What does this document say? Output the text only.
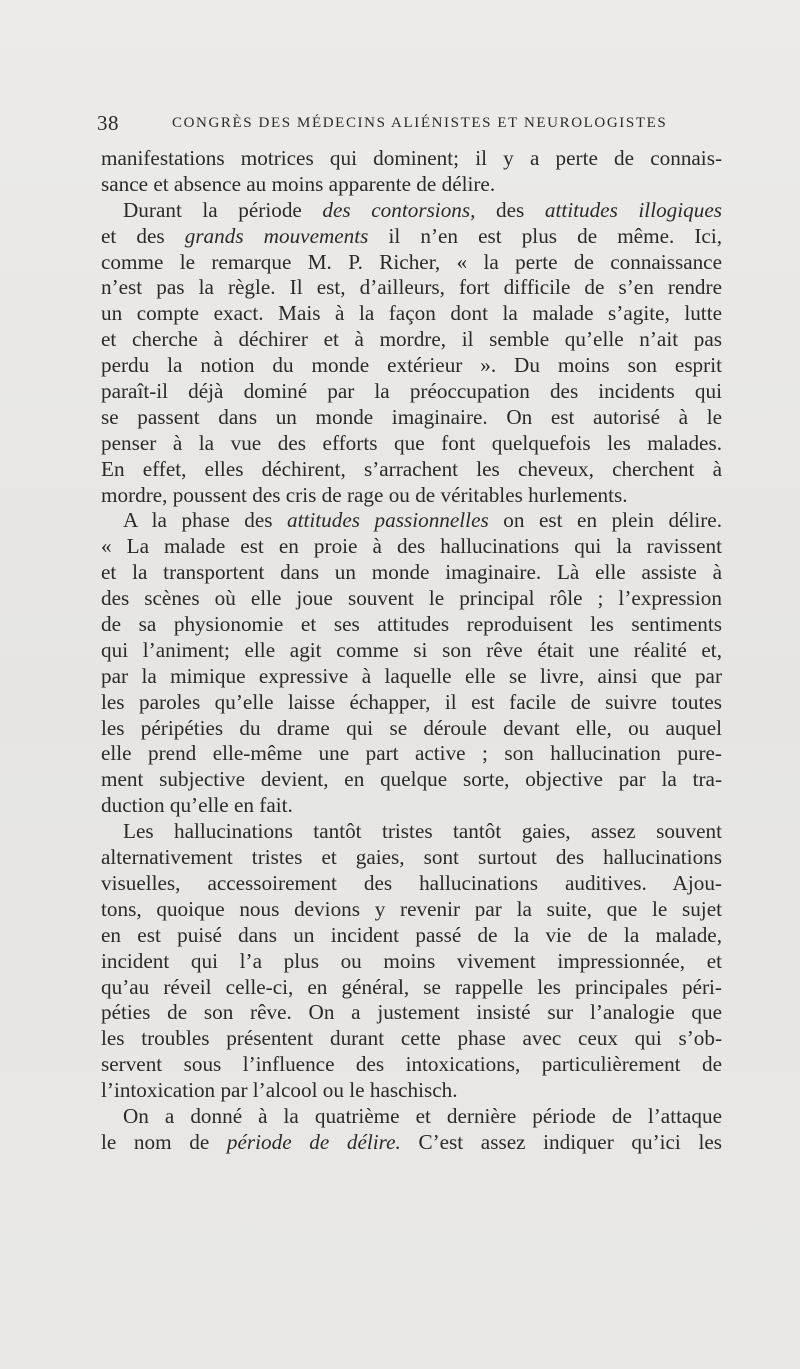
38	CONGRÈS DES MÉDECINS ALIÉNISTES ET NEUROLOGISTES
manifestations motrices qui dominent; il y a perte de connais-
sance et absence au moins apparente de délire.
Durant la période des contorsions, des attitudes illogiques
et des grands mouvements il n’en est plus de même. Ici,
comme le remarque M. P. Richer, « la perte de connaissance
n’est pas la règle. Il est, d’ailleurs, fort difficile de s’en rendre
un compte exact. Mais à la façon dont la malade s’agite, lutte
et cherche à déchirer et à mordre, il semble qu’elle n’ait pas
perdu la notion du monde extérieur ». Du moins son esprit
paraît-il déjà dominé par la préoccupation des incidents qui
se passent dans un monde imaginaire. On est autorisé à le
penser à la vue des efforts que font quelquefois les malades.
En effet, elles déchirent, s’arrachent les cheveux, cherchent à
mordre, poussent des cris de rage ou de véritables hurlements.
A la phase des attitudes passionnelles on est en plein délire.
« La malade est en proie à des hallucinations qui la ravissent
et la transportent dans un monde imaginaire. Là elle assiste à
des scènes où elle joue souvent le principal rôle ; l’expression
de sa physionomie et ses attitudes reproduisent les sentiments
qui l’animent; elle agit comme si son rêve était une réalité et,
par la mimique expressive à laquelle elle se livre, ainsi que par
les paroles qu’elle laisse échapper, il est facile de suivre toutes
les péripéties du drame qui se déroule devant elle, ou auquel
elle prend elle-même une part active ; son hallucination pure-
ment subjective devient, en quelque sorte, objective par la tra-
duction qu’elle en fait.
Les hallucinations tantôt tristes tantôt gaies, assez souvent
alternativement tristes et gaies, sont surtout des hallucinations
visuelles, accessoirement des hallucinations auditives. Ajou-
tons, quoique nous devions y revenir par la suite, que le sujet
en est puisé dans un incident passé de la vie de la malade,
incident qui l’a plus ou moins vivement impressionnée, et
qu’au réveil celle-ci, en général, se rappelle les principales péri-
péties de son rêve. On a justement insisté sur l’analogie que
les troubles présentent durant cette phase avec ceux qui s’ob-
servent sous l’influence des intoxications, particulièrement de
l’intoxication par l’alcool ou le haschisch.
On a donné à la quatrième et dernière période de l’attaque
le nom de période de délire. C’est assez indiquer qu’ici les
